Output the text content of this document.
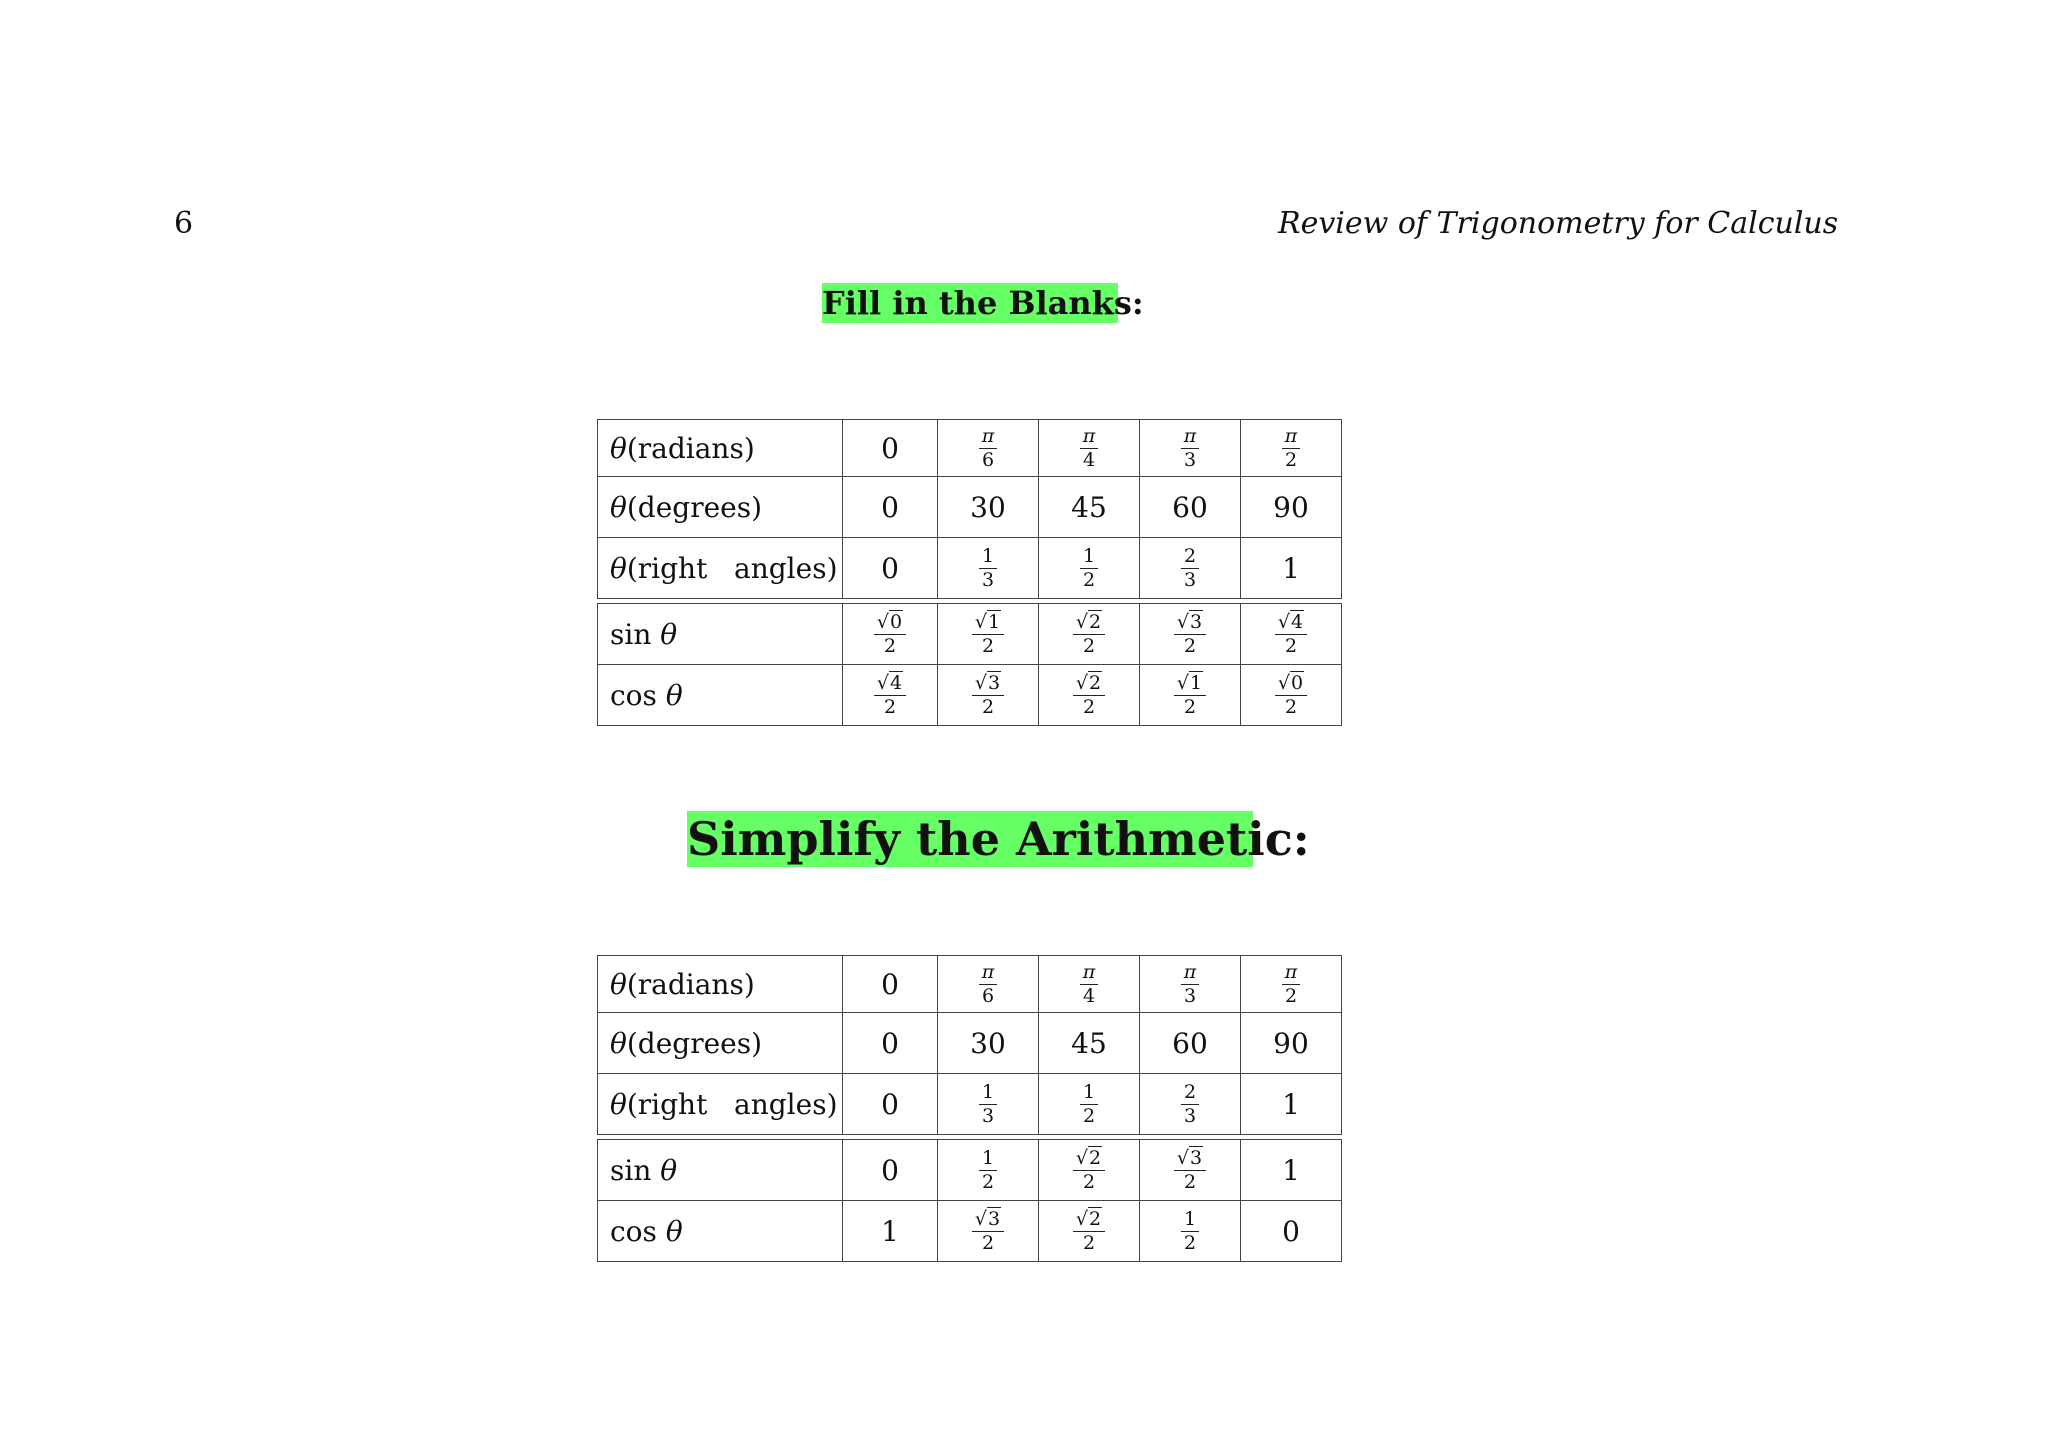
6	Review of Trigonometry for Calculus
Fill in the Blanks:
θ(radians)	0	$\frac{\pi}{6}$	$\frac{\pi}{4}$	$\frac{\pi}{3}$	$\frac{\pi}{2}$

θ(degrees)	0	30	45	60	90
θ(right   angles)	0	$\frac{1}{3}$	$\frac{1}{2}$	$\frac{2}{3}$	1

sin θ	$\frac{√0}{2}$	$\frac{√1}{2}$	$\frac{√2}{2}$	$\frac{√3}{2}$	$\frac{√4}{2}$

cos θ	$\frac{√4}{2}$	$\frac{√3}{2}$	$\frac{√2}{2}$	$\frac{√1}{2}$	$\frac{√0}{2}$
Simplify the Arithmetic:
θ(radians)	0	$\frac{\pi}{6}$	$\frac{\pi}{4}$	$\frac{\pi}{3}$	$\frac{\pi}{2}$

θ(degrees)	0	30	45	60	90
θ(right   angles)	0	$\frac{1}{3}$	$\frac{1}{2}$	$\frac{2}{3}$	1

sin θ	0	$\frac{1}{2}$	$\frac{√2}{2}$	$\frac{√3}{2}$	1
cos θ	1	$\frac{√3}{2}$	$\frac{√2}{2}$	$\frac{1}{2}$	0
